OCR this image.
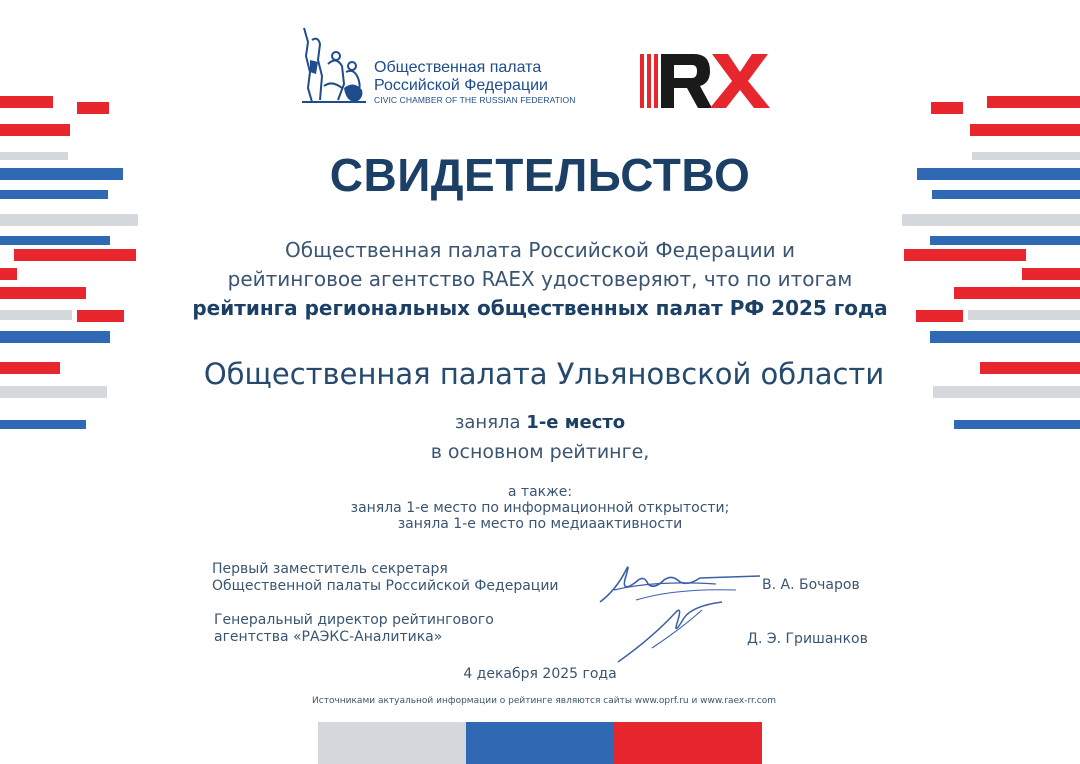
Общественная палата
Российской Федерации
CIVIC CHAMBER OF THE RUSSIAN FEDERATION
СВИДЕТЕЛЬСТВО
Общественная палата Российской Федерации и
рейтинговое агентство RAEX удостоверяют, что по итогам
рейтинга региональных общественных палат РФ 2025 года
Общественная палата Ульяновской области
заняла 1-е место
в основном рейтинге,
а также:
заняла 1-е место по информационной открытости;
заняла 1-е место по медиаактивности
Первый заместитель секретаря
Общественной палаты Российской Федерации	В. А. Бочаров
Генеральный директор рейтингового
агентства «РАЭКС-Аналитика»	Д. Э. Гришанков
4 декабря 2025 года
Источниками актуальной информации о рейтинге являются сайты www.oprf.ru и www.raex-rr.com
